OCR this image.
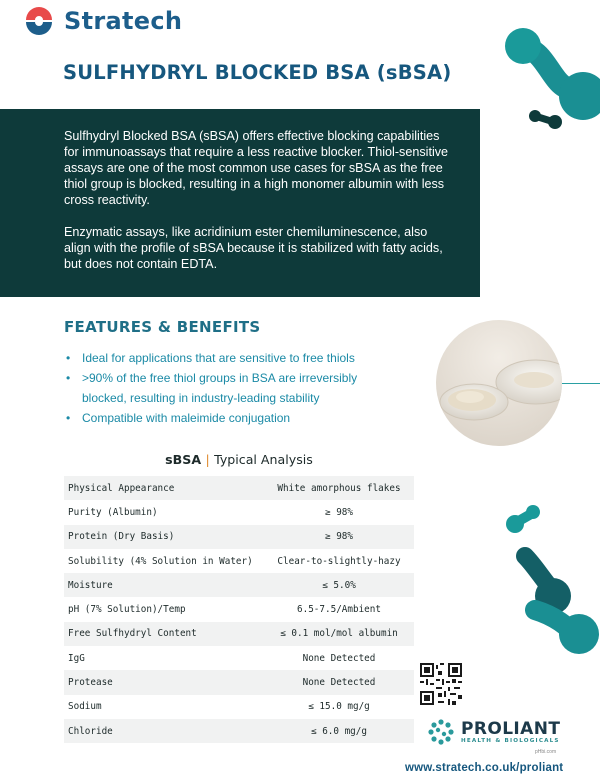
Stratech
SULFHYDRYL BLOCKED BSA (sBSA)

Sulfhydryl Blocked BSA (sBSA) offers effective blocking capabilities for immunoassays that require a less reactive blocker. Thiol-sensitive assays are one of the most common use cases for sBSA as the free thiol group is blocked, resulting in a high monomer albumin with less cross reactivity.

Enzymatic assays, like acridinium ester chemiluminescence, also align with the profile of sBSA because it is stabilized with fatty acids, but does not contain EDTA.

FEATURES & BENEFITS
• Ideal for applications that are sensitive to free thiols
• >90% of the free thiol groups in BSA are irreversibly blocked, resulting in industry-leading stability
• Compatible with maleimide conjugation
sBSA | Typical Analysis
Physical Appearance	White amorphous flakes
Purity (Albumin)	≥ 98%
Protein (Dry Basis)	≥ 98%
Solubility (4% Solution in Water)	Clear-to-slightly-hazy
Moisture	≤ 5.0%
pH (7% Solution)/Temp	6.5-7.5/Ambient
Free Sulfhydryl Content	≤ 0.1 mol/mol albumin
IgG	None Detected
Protease	None Detected
Sodium	≤ 15.0 mg/g
Chloride	≤ 6.0 mg/g	PROLIANT
HEALTH & BIOLOGICALS
pHbi.com
www.stratech.co.uk/proliant
